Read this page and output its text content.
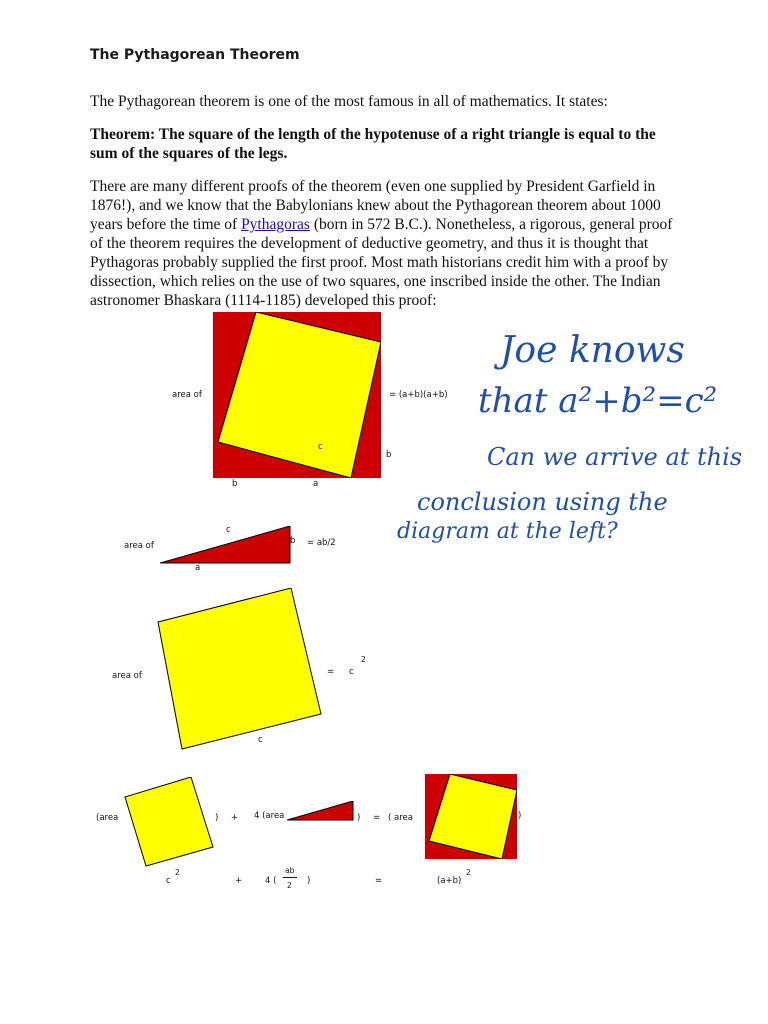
The Pythagorean Theorem
The Pythagorean theorem is one of the most famous in all of mathematics. It states:
Theorem: The square of the length of the hypotenuse of a right triangle is equal to the sum of the squares of the legs.
There are many different proofs of the theorem (even one supplied by President Garfield in 1876!), and we know that the Babylonians knew about the Pythagorean theorem about 1000 years before the time of Pythagoras (born in 572 B.C.). Nonetheless, a rigorous, general proof of the theorem requires the development of deductive geometry, and thus it is thought that Pythagoras probably supplied the first proof. Most math historians credit him with a proof by dissection, which relies on the use of two squares, one inscribed inside the other. The Indian astronomer Bhaskara (1114-1185) developed this proof:
area of	= (a+b)(a+b)
c
b
b	a
area of
c
b = ab/2
a
area of	= c
2
c
(area	) + 4 (area	) = ( area	)
c
2
+	4 (
ab
2 )	=	(a+b)
2
Joe knows
that a²+b²=c²
Can we arrive at this
conclusion using the
diagram at the left?
